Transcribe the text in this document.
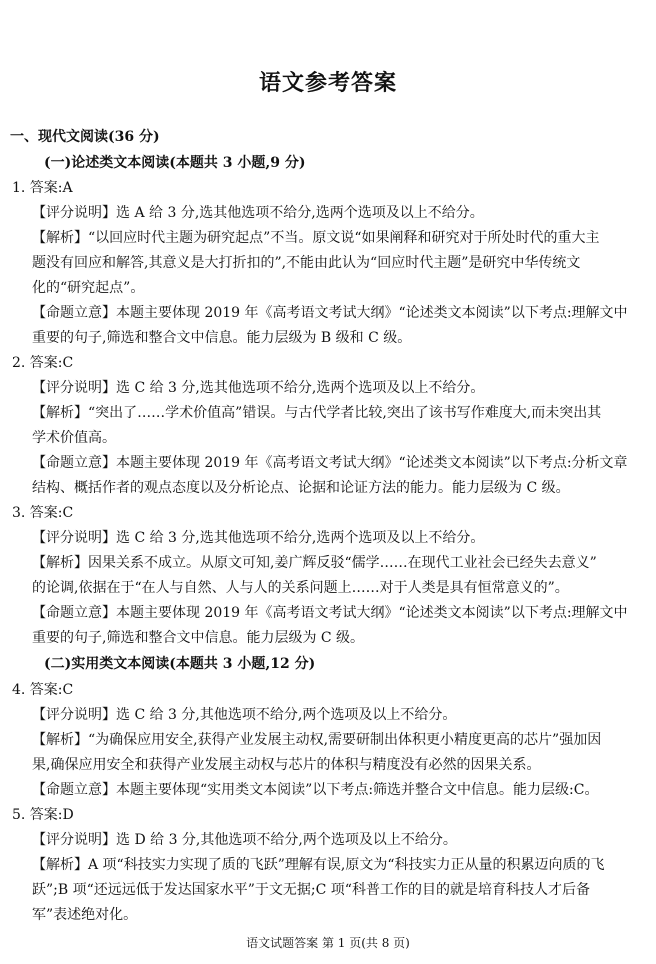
语文参考答案
一、现代文阅读(36 分)
(一)论述类文本阅读(本题共 3 小题,9 分)
1. 答案:A
【评分说明】选 A 给 3 分,选其他选项不给分,选两个选项及以上不给分。
【解析】“以回应时代主题为研究起点”不当。原文说“如果阐释和研究对于所处时代的重大主
题没有回应和解答,其意义是大打折扣的”,不能由此认为“回应时代主题”是研究中华传统文
化的“研究起点”。
【命题立意】本题主要体现 2019 年《高考语文考试大纲》“论述类文本阅读”以下考点:理解文中
重要的句子,筛选和整合文中信息。能力层级为 B 级和 C 级。
2. 答案:C
【评分说明】选 C 给 3 分,选其他选项不给分,选两个选项及以上不给分。
【解析】“突出了……学术价值高”错误。与古代学者比较,突出了该书写作难度大,而未突出其
学术价值高。
【命题立意】本题主要体现 2019 年《高考语文考试大纲》“论述类文本阅读”以下考点:分析文章
结构、概括作者的观点态度以及分析论点、论据和论证方法的能力。能力层级为 C 级。
3. 答案:C
【评分说明】选 C 给 3 分,选其他选项不给分,选两个选项及以上不给分。
【解析】因果关系不成立。从原文可知,姜广辉反驳“儒学……在现代工业社会已经失去意义”
的论调,依据在于“在人与自然、人与人的关系问题上……对于人类是具有恒常意义的”。
【命题立意】本题主要体现 2019 年《高考语文考试大纲》“论述类文本阅读”以下考点:理解文中
重要的句子,筛选和整合文中信息。能力层级为 C 级。
(二)实用类文本阅读(本题共 3 小题,12 分)
4. 答案:C
【评分说明】选 C 给 3 分,其他选项不给分,两个选项及以上不给分。
【解析】“为确保应用安全,获得产业发展主动权,需要研制出体积更小精度更高的芯片”强加因
果,确保应用安全和获得产业发展主动权与芯片的体积与精度没有必然的因果关系。
【命题立意】本题主要体现“实用类文本阅读”以下考点:筛选并整合文中信息。能力层级:C。
5. 答案:D
【评分说明】选 D 给 3 分,其他选项不给分,两个选项及以上不给分。
【解析】A 项“科技实力实现了质的飞跃”理解有误,原文为“科技实力正从量的积累迈向质的飞
跃”;B 项“还远远低于发达国家水平”于文无据;C 项“科普工作的目的就是培育科技人才后备
军”表述绝对化。
语文试题答案 第 1 页(共 8 页)
